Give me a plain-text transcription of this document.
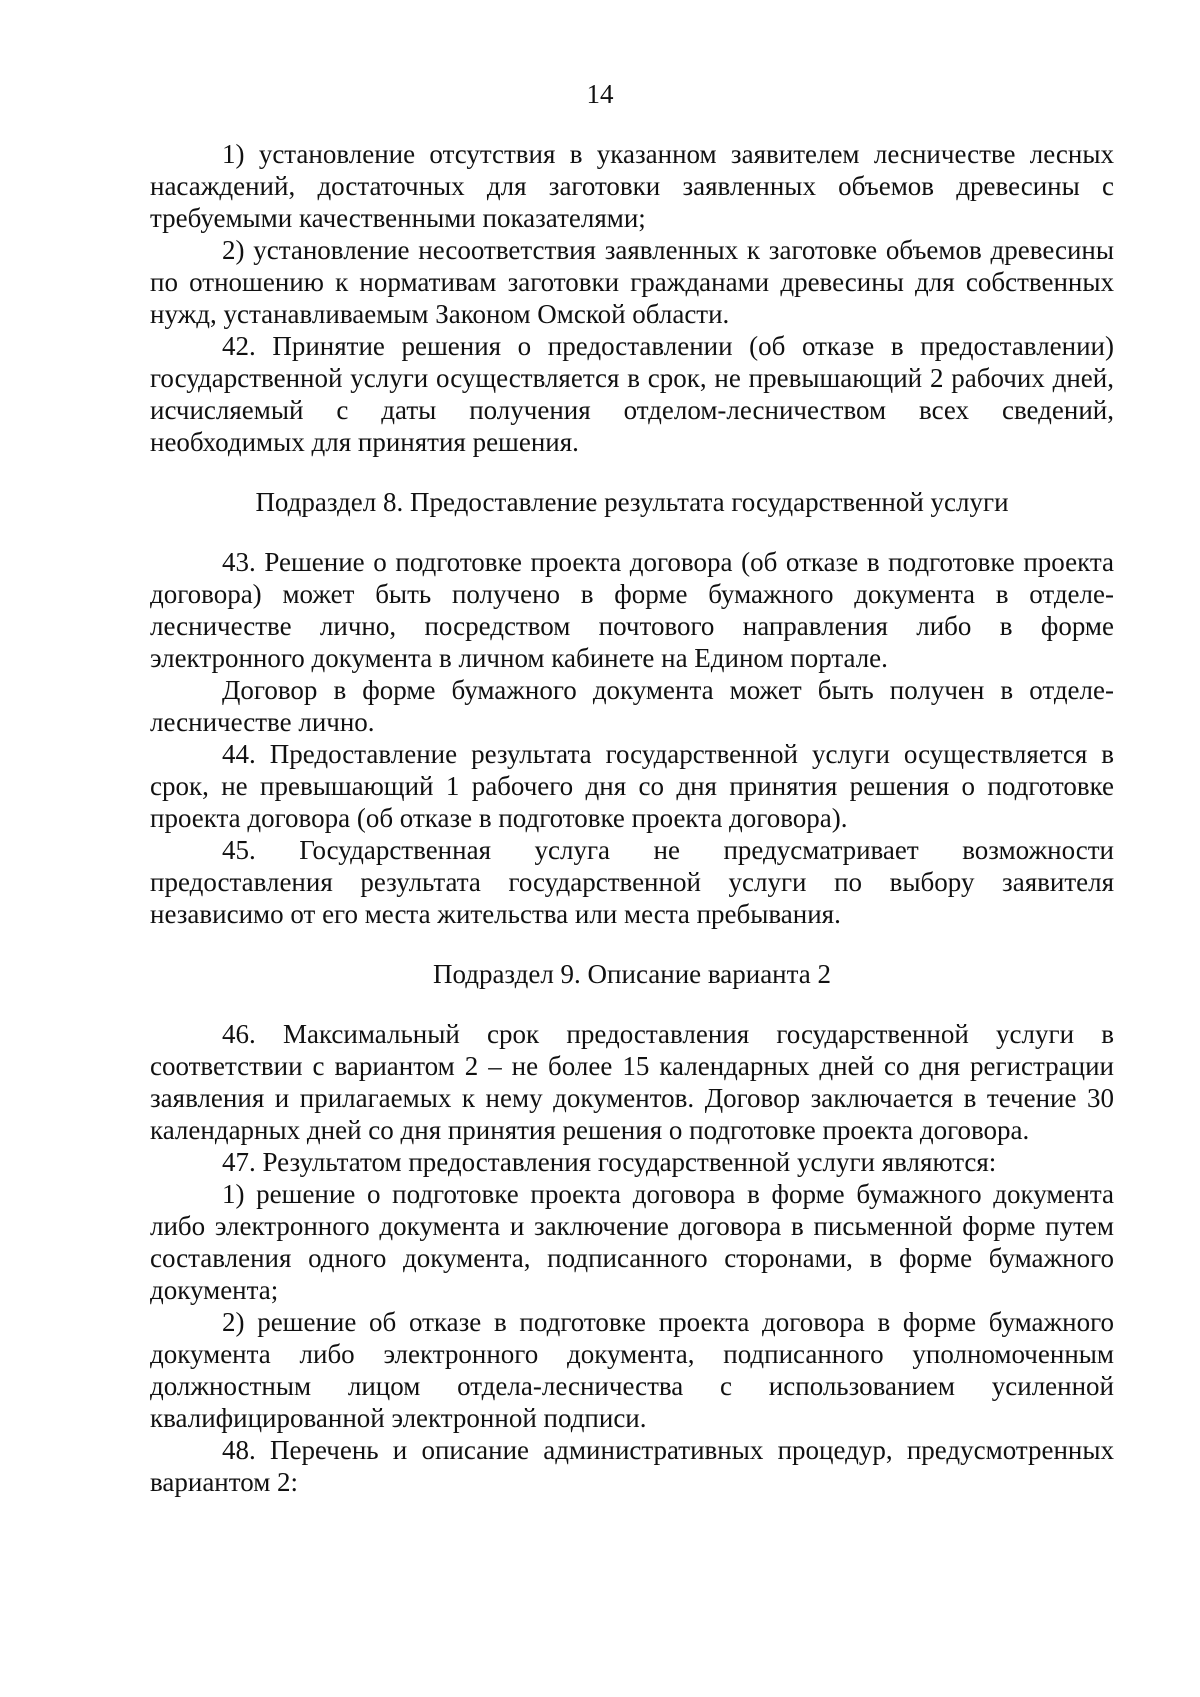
14

1) установление отсутствия в указанном заявителем лесничестве лесных насаждений, достаточных для заготовки заявленных объемов древесины с требуемыми качественными показателями;

2) установление несоответствия заявленных к заготовке объемов древесины по отношению к нормативам заготовки гражданами древесины для собственных нужд, устанавливаемым Законом Омской области.

42. Принятие решения о предоставлении (об отказе в предоставлении) государственной услуги осуществляется в срок, не превышающий 2 рабочих дней, исчисляемый с даты получения отделом-лесничеством всех сведений, необходимых для принятия решения.

Подраздел 8. Предоставление результата государственной услуги

43. Решение о подготовке проекта договора (об отказе в подготовке проекта договора) может быть получено в форме бумажного документа в отделе-лесничестве лично, посредством почтового направления либо в форме электронного документа в личном кабинете на Едином портале.

Договор в форме бумажного документа может быть получен в отделе-лесничестве лично.

44. Предоставление результата государственной услуги осуществляется в срок, не превышающий 1 рабочего дня со дня принятия решения о подготовке проекта договора (об отказе в подготовке проекта договора).

45. Государственная услуга не предусматривает возможности предоставления результата государственной услуги по выбору заявителя независимо от его места жительства или места пребывания.

Подраздел 9. Описание варианта 2

46. Максимальный срок предоставления государственной услуги в соответствии с вариантом 2 – не более 15 календарных дней со дня регистрации заявления и прилагаемых к нему документов. Договор заключается в течение 30 календарных дней со дня принятия решения о подготовке проекта договора.

47. Результатом предоставления государственной услуги являются:

1) решение о подготовке проекта договора в форме бумажного документа либо электронного документа и заключение договора в письменной форме путем составления одного документа, подписанного сторонами, в форме бумажного документа;

2) решение об отказе в подготовке проекта договора в форме бумажного документа либо электронного документа, подписанного уполномоченным должностным лицом отдела-лесничества с использованием усиленной квалифицированной электронной подписи.

48. Перечень и описание административных процедур, предусмотренных вариантом 2:
